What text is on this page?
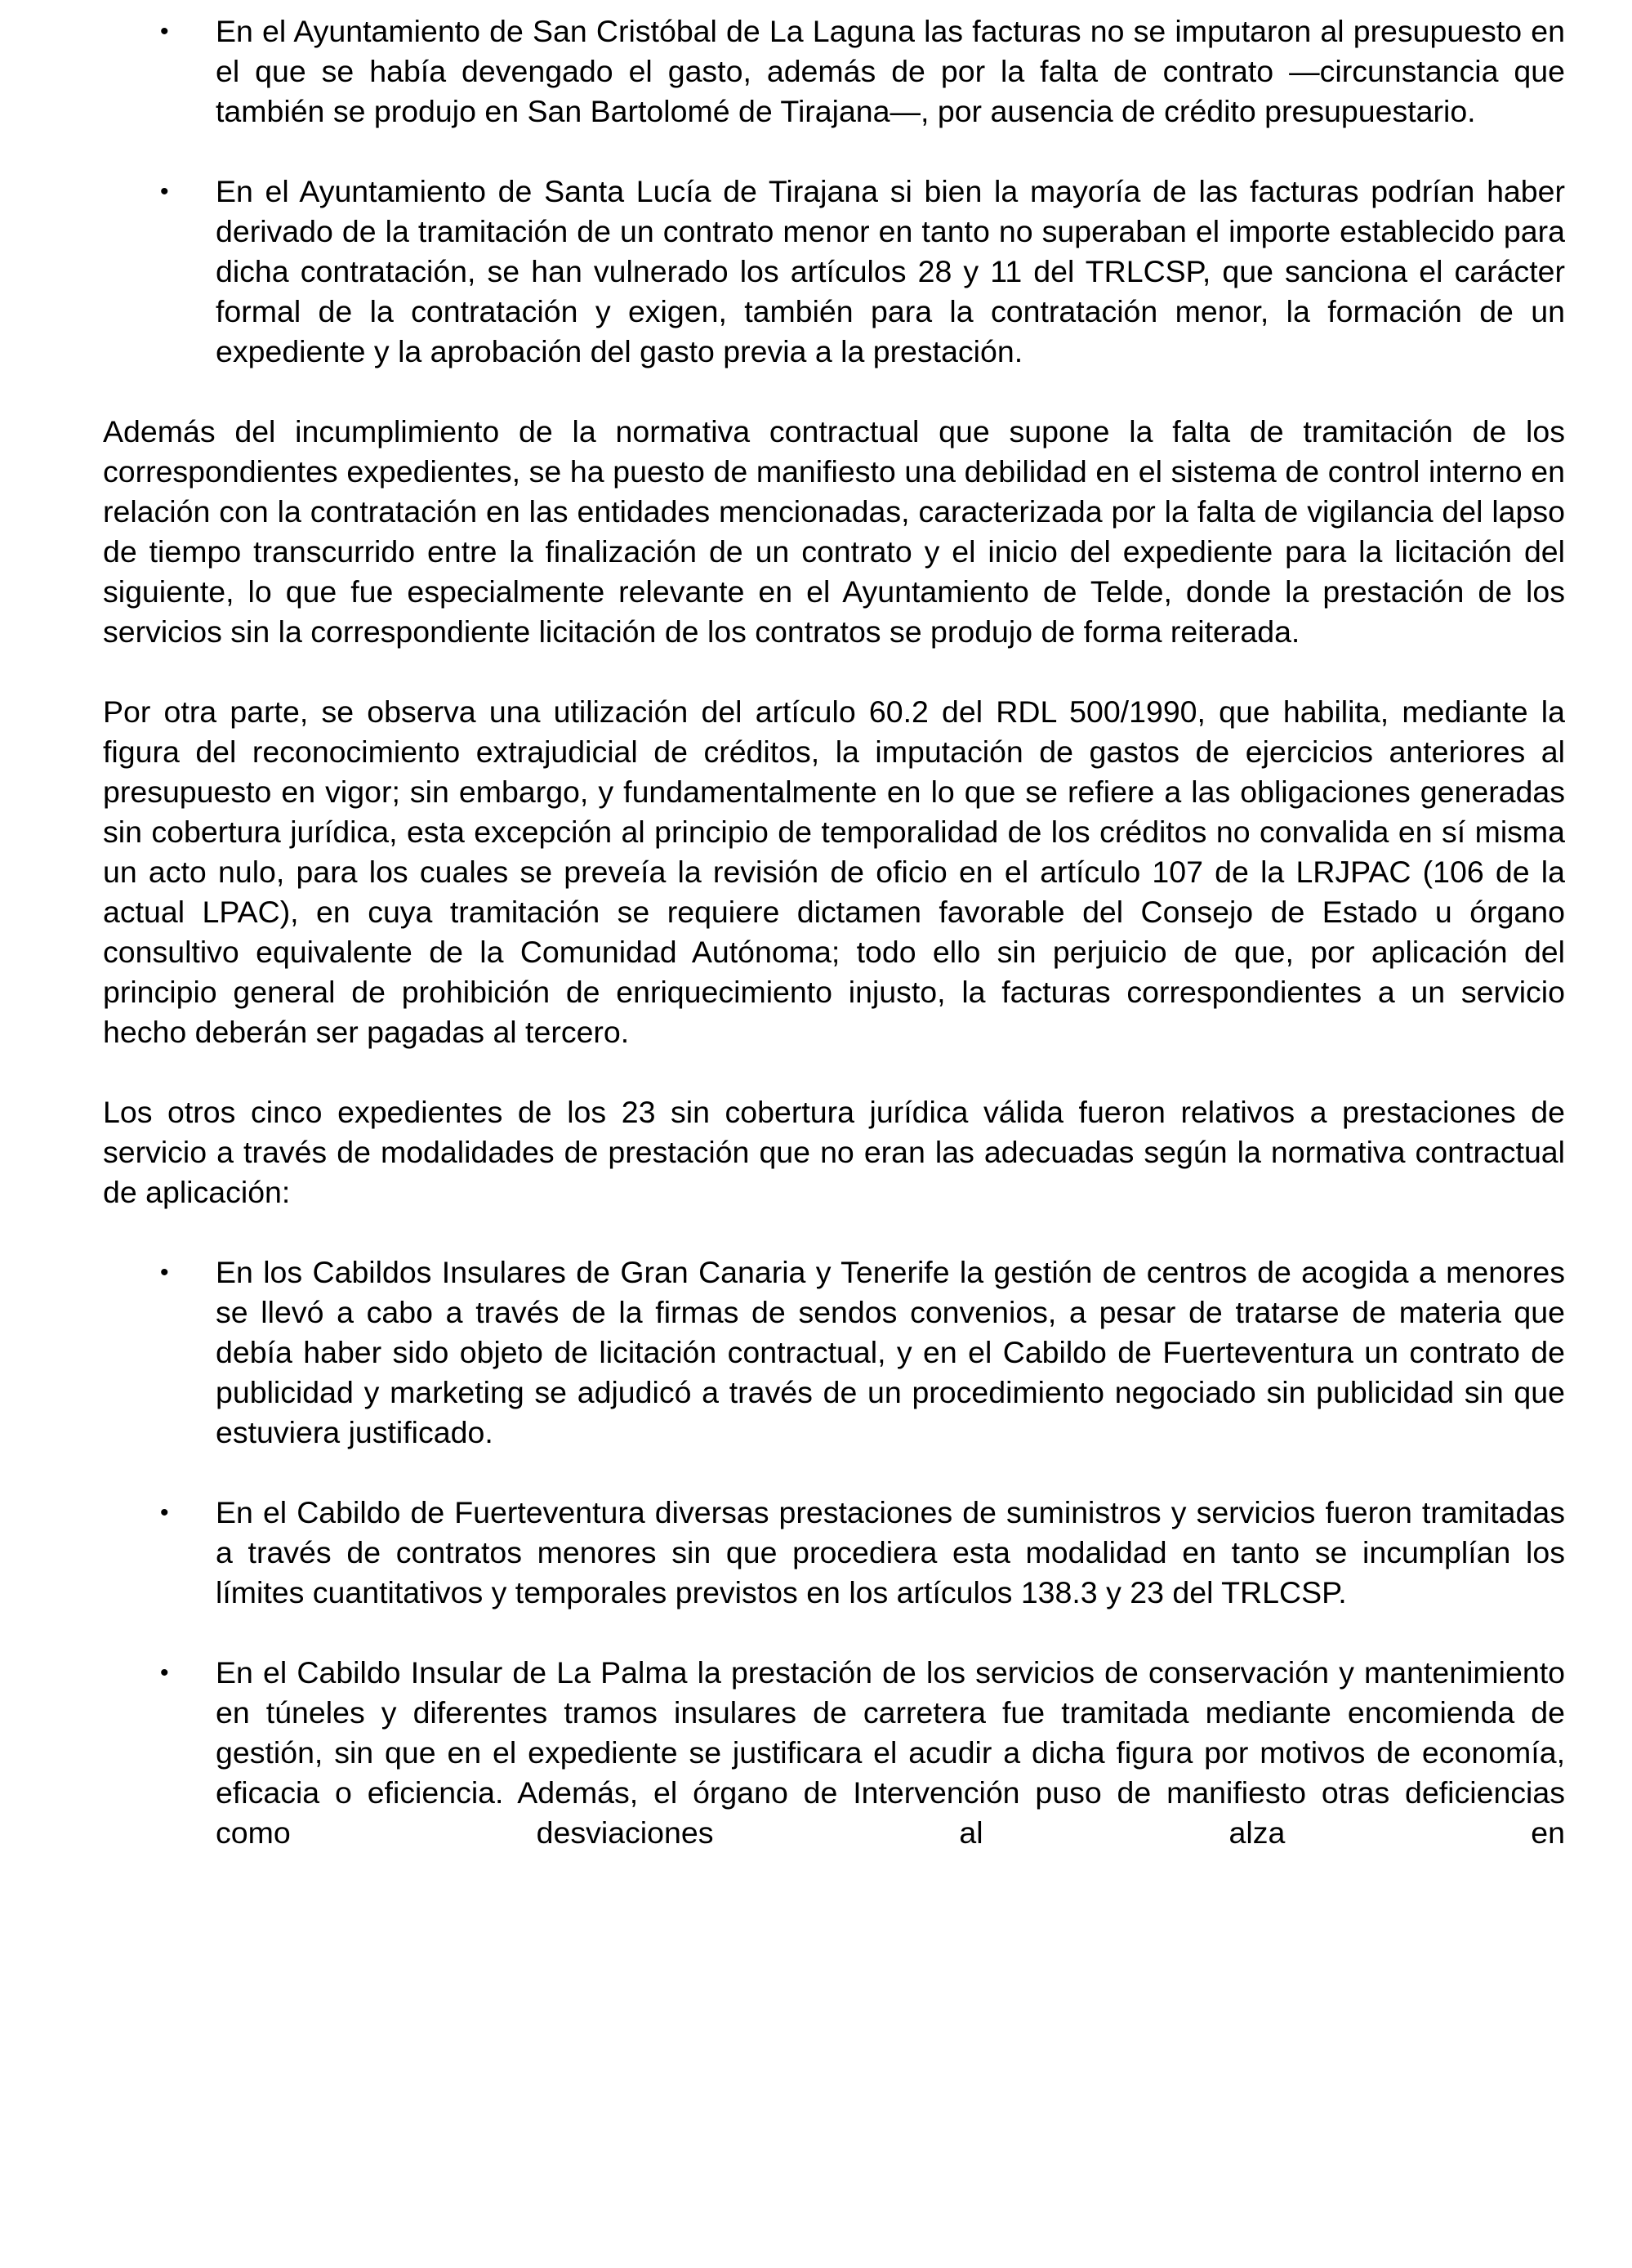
•	En el Ayuntamiento de San Cristóbal de La Laguna las facturas no se imputaron al presupuesto en el que se había devengado el gasto, además de por la falta de contrato —circunstancia que también se produjo en San Bartolomé de Tirajana—, por ausencia de crédito presupuestario.
•	En el Ayuntamiento de Santa Lucía de Tirajana si bien la mayoría de las facturas podrían haber derivado de la tramitación de un contrato menor en tanto no superaban el importe establecido para dicha contratación, se han vulnerado los artículos 28 y 11 del TRLCSP, que sanciona el carácter formal de la contratación y exigen, también para la contratación menor, la formación de un expediente y la aprobación del gasto previa a la prestación.

Además del incumplimiento de la normativa contractual que supone la falta de tramitación de los correspondientes expedientes, se ha puesto de manifiesto una debilidad en el sistema de control interno en relación con la contratación en las entidades mencionadas, caracterizada por la falta de vigilancia del lapso de tiempo transcurrido entre la finalización de un contrato y el inicio del expediente para la licitación del siguiente, lo que fue especialmente relevante en el Ayuntamiento de Telde, donde la prestación de los servicios sin la correspondiente licitación de los contratos se produjo de forma reiterada.

Por otra parte, se observa una utilización del artículo 60.2 del RDL 500/1990, que habilita, mediante la figura del reconocimiento extrajudicial de créditos, la imputación de gastos de ejercicios anteriores al presupuesto en vigor; sin embargo, y fundamentalmente en lo que se refiere a las obligaciones generadas sin cobertura jurídica, esta excepción al principio de temporalidad de los créditos no convalida en sí misma un acto nulo, para los cuales se preveía la revisión de oficio en el artículo 107 de la LRJPAC (106 de la actual LPAC), en cuya tramitación se requiere dictamen favorable del Consejo de Estado u órgano consultivo equivalente de la Comunidad Autónoma; todo ello sin perjuicio de que, por aplicación del principio general de prohibición de enriquecimiento injusto, la facturas correspondientes a un servicio hecho deberán ser pagadas al tercero.

Los otros cinco expedientes de los 23 sin cobertura jurídica válida fueron relativos a prestaciones de servicio a través de modalidades de prestación que no eran las adecuadas según la normativa contractual de aplicación:

•	En los Cabildos Insulares de Gran Canaria y Tenerife la gestión de centros de acogida a menores se llevó a cabo a través de la firmas de sendos convenios, a pesar de tratarse de materia que debía haber sido objeto de licitación contractual, y en el Cabildo de Fuerteventura un contrato de publicidad y marketing se adjudicó a través de un procedimiento negociado sin publicidad sin que estuviera justificado.
•	En el Cabildo de Fuerteventura diversas prestaciones de suministros y servicios fueron tramitadas a través de contratos menores sin que procediera esta modalidad en tanto se incumplían los límites cuantitativos y temporales previstos en los artículos 138.3 y 23 del TRLCSP.
•	En el Cabildo Insular de La Palma la prestación de los servicios de conservación y mantenimiento en túneles y diferentes tramos insulares de carretera fue tramitada mediante encomienda de gestión, sin que en el expediente se justificara el acudir a dicha figura por motivos de economía, eficacia o eficiencia. Además, el órgano de Intervención puso de manifiesto otras deficiencias como desviaciones al alza en
